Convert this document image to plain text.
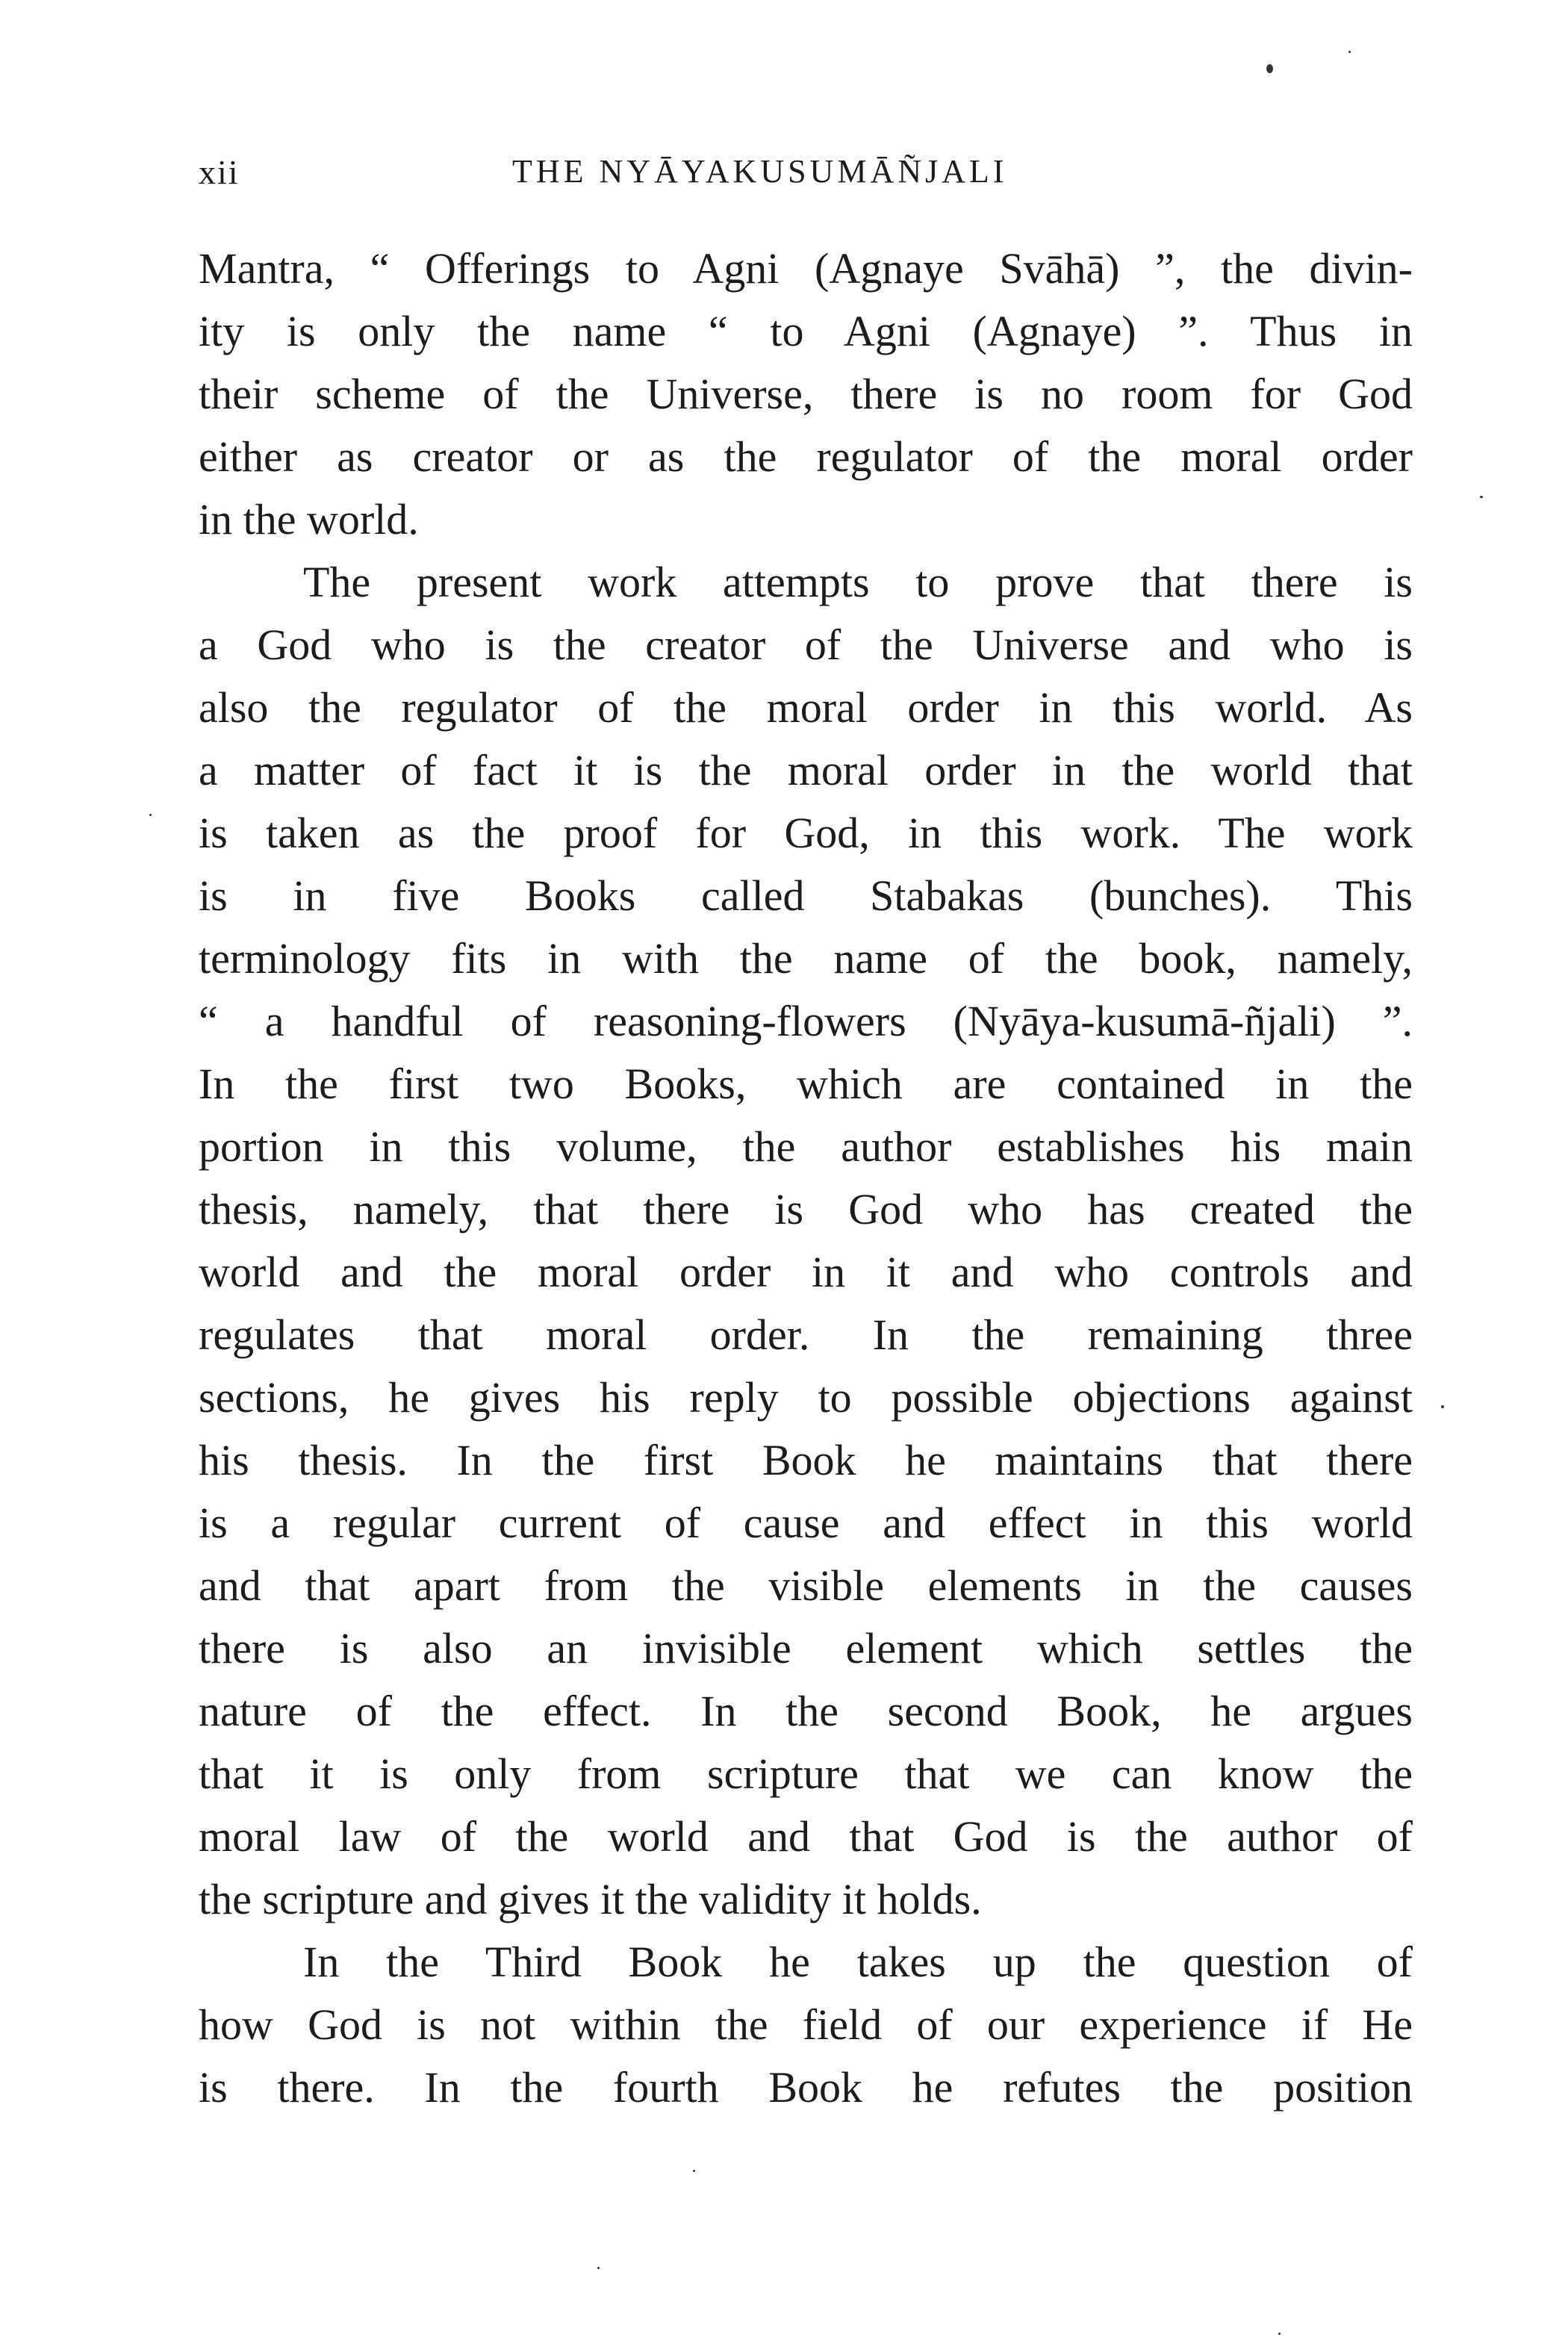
xii	THE NYĀYAKUSUMĀÑJALI
Mantra, “ Offerings to Agni (Agnaye Svāhā) ”, the divin-
ity is only the name “ to Agni (Agnaye) ”. Thus in
their scheme of the Universe, there is no room for God
either as creator or as the regulator of the moral order
in the world.
The present work attempts to prove that there is
a God who is the creator of the Universe and who is
also the regulator of the moral order in this world. As
a matter of fact it is the moral order in the world that
is taken as the proof for God, in this work. The work
is in five Books called Stabakas (bunches). This
terminology fits in with the name of the book, namely,
“ a handful of reasoning-flowers (Nyāya-kusumā-ñjali) ”.
In the first two Books, which are contained in the
portion in this volume, the author establishes his main
thesis, namely, that there is God who has created the
world and the moral order in it and who controls and
regulates that moral order. In the remaining three
sections, he gives his reply to possible objections against
his thesis. In the first Book he maintains that there
is a regular current of cause and effect in this world
and that apart from the visible elements in the causes
there is also an invisible element which settles the
nature of the effect. In the second Book, he argues
that it is only from scripture that we can know the
moral law of the world and that God is the author of
the scripture and gives it the validity it holds.
In the Third Book he takes up the question of
how God is not within the field of our experience if He
is there. In the fourth Book he refutes the position
